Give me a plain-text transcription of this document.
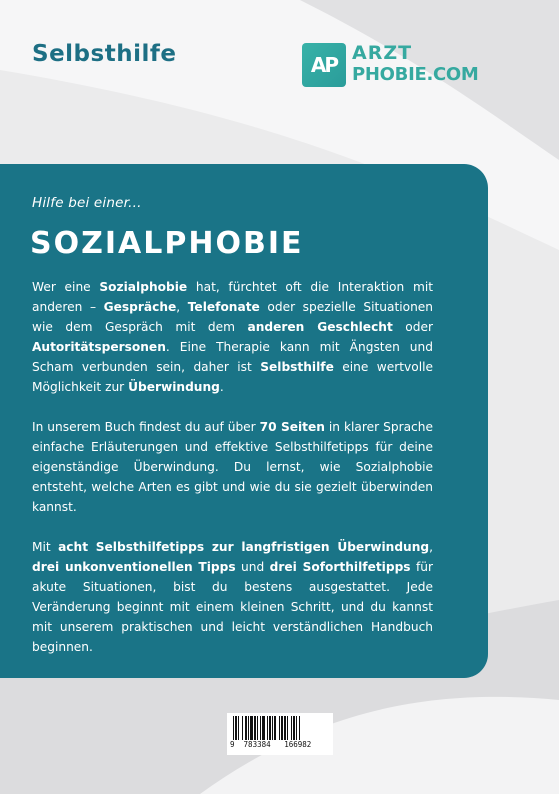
Selbsthilfe	AP ARZT
PHOBIE.COM
Hilfe bei einer...
SOZIALPHOBIE

Wer eine Sozialphobie hat, fürchtet oft die Interaktion mit anderen – Gespräche, Telefonate oder spezielle Situationen wie dem Gespräch mit dem anderen Geschlecht oder Autoritätspersonen. Eine Therapie kann mit Ängsten und Scham verbunden sein, daher ist Selbsthilfe eine wertvolle Möglichkeit zur Überwindung.

In unserem Buch findest du auf über 70 Seiten in klarer Sprache einfache Erläuterungen und effektive Selbsthilfetipps für deine eigenständige Überwindung. Du lernst, wie Sozialphobie entsteht, welche Arten es gibt und wie du sie gezielt überwinden kannst.

Mit acht Selbsthilfetipps zur langfristigen Überwindung, drei unkonventionellen Tipps und drei Soforthilfetipps für akute Situationen, bist du bestens ausgestattet. Jede Veränderung beginnt mit einem kleinen Schritt, und du kannst mit unserem praktischen und leicht verständlichen Handbuch beginnen.

9 783384 166982
